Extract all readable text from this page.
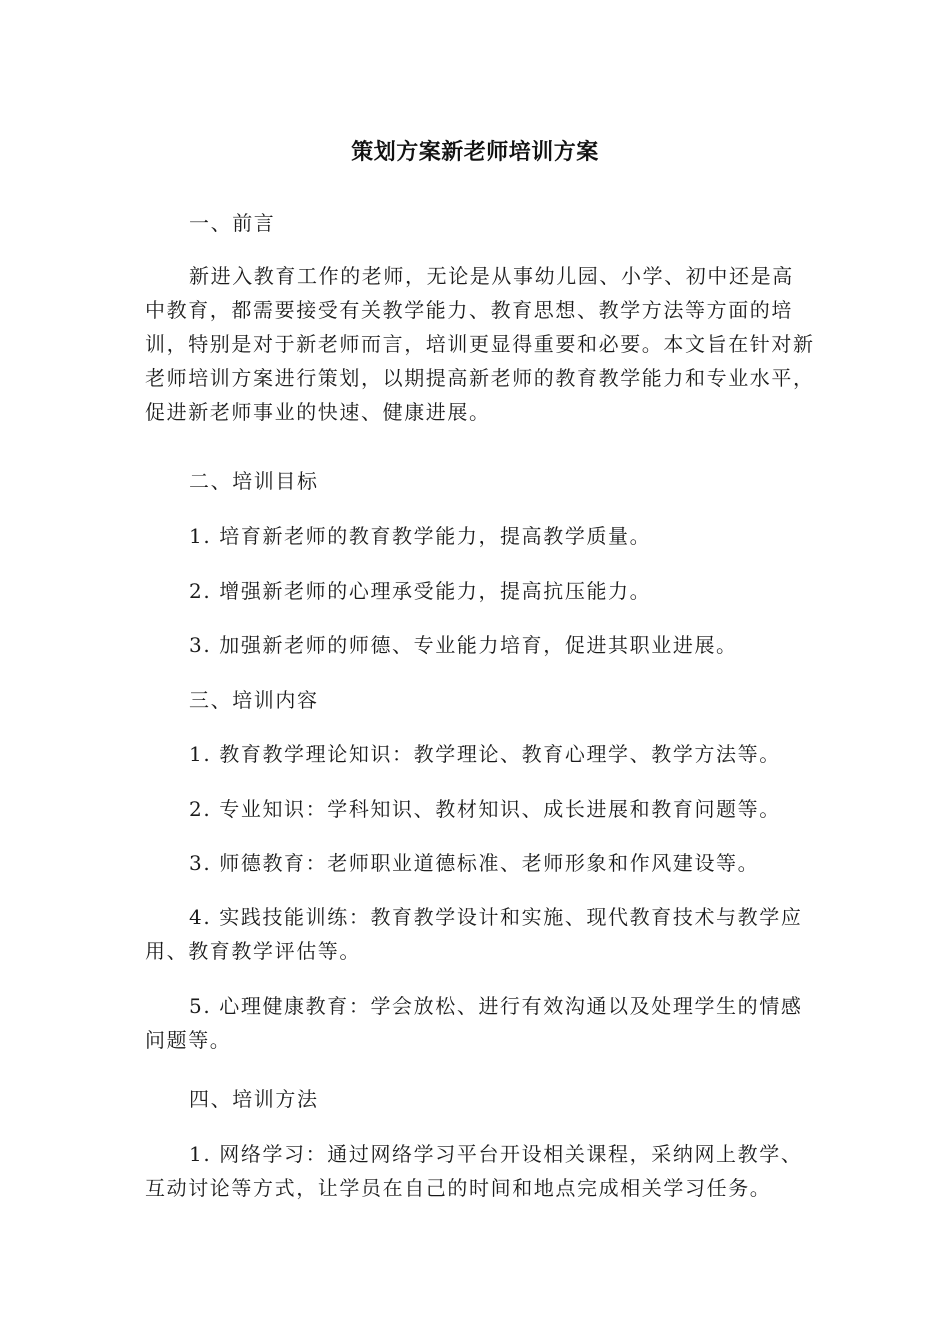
策划方案新老师培训方案

一、前言

新进入教育工作的老师，无论是从事幼儿园、小学、初中还是高中教育，都需要接受有关教学能力、教育思想、教学方法等方面的培训，特别是对于新老师而言，培训更显得重要和必要。本文旨在针对新老师培训方案进行策划，以期提高新老师的教育教学能力和专业水平，促进新老师事业的快速、健康进展。

二、培训目标

1. 培育新老师的教育教学能力，提高教学质量。

2. 增强新老师的心理承受能力，提高抗压能力。

3. 加强新老师的师德、专业能力培育，促进其职业进展。

三、培训内容

1. 教育教学理论知识：教学理论、教育心理学、教学方法等。

2. 专业知识：学科知识、教材知识、成长进展和教育问题等。

3. 师德教育：老师职业道德标准、老师形象和作风建设等。

4. 实践技能训练：教育教学设计和实施、现代教育技术与教学应用、教育教学评估等。

5. 心理健康教育：学会放松、进行有效沟通以及处理学生的情感问题等。

四、培训方法

1. 网络学习：通过网络学习平台开设相关课程，采纳网上教学、互动讨论等方式，让学员在自己的时间和地点完成相关学习任务。
